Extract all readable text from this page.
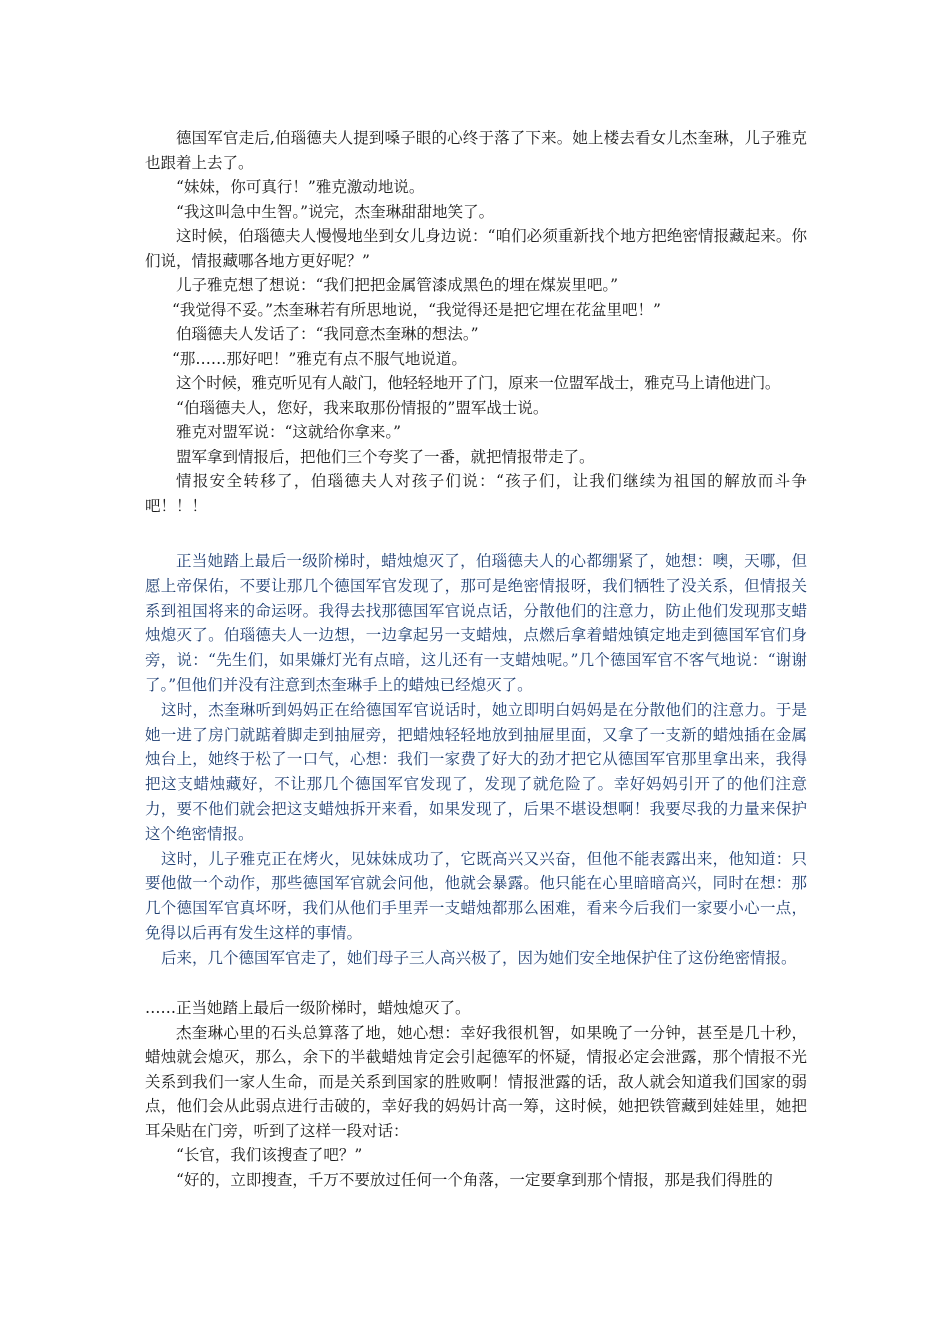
德国军官走后,伯瑙德夫人提到嗓子眼的心终于落了下来。她上楼去看女儿杰奎琳，儿子雅克也跟着上去了。

“妹妹，你可真行！”雅克激动地说。

“我这叫急中生智。”说完，杰奎琳甜甜地笑了。

这时候，伯瑙德夫人慢慢地坐到女儿身边说：“咱们必须重新找个地方把绝密情报藏起来。你们说，情报藏哪各地方更好呢？”

儿子雅克想了想说：“我们把把金属管漆成黑色的埋在煤炭里吧。”

“我觉得不妥。”杰奎琳若有所思地说，“我觉得还是把它埋在花盆里吧！”

伯瑙德夫人发话了：“我同意杰奎琳的想法。”

“那……那好吧！”雅克有点不服气地说道。

这个时候，雅克听见有人敲门，他轻轻地开了门，原来一位盟军战士，雅克马上请他进门。

“伯瑙德夫人，您好，我来取那份情报的”盟军战士说。

雅克对盟军说：“这就给你拿来。”

盟军拿到情报后，把他们三个夸奖了一番，就把情报带走了。

情报安全转移了，伯瑙德夫人对孩子们说：“孩子们，让我们继续为祖国的解放而斗争吧！！！

正当她踏上最后一级阶梯时，蜡烛熄灭了，伯瑙德夫人的心都绷紧了，她想：噢，天哪，但愿上帝保佑，不要让那几个德国军官发现了，那可是绝密情报呀，我们牺牲了没关系，但情报关系到祖国将来的命运呀。我得去找那德国军官说点话，分散他们的注意力，防止他们发现那支蜡烛熄灭了。伯瑙德夫人一边想，一边拿起另一支蜡烛，点燃后拿着蜡烛镇定地走到德国军官们身旁，说：“先生们，如果嫌灯光有点暗，这儿还有一支蜡烛呢。”几个德国军官不客气地说：“谢谢了。”但他们并没有注意到杰奎琳手上的蜡烛已经熄灭了。

这时，杰奎琳听到妈妈正在给德国军官说话时，她立即明白妈妈是在分散他们的注意力。于是她一进了房门就踮着脚走到抽屉旁，把蜡烛轻轻地放到抽屉里面，又拿了一支新的蜡烛插在金属烛台上，她终于松了一口气，心想：我们一家费了好大的劲才把它从德国军官那里拿出来，我得把这支蜡烛藏好，不让那几个德国军官发现了，发现了就危险了。幸好妈妈引开了的他们注意力，要不他们就会把这支蜡烛拆开来看，如果发现了，后果不堪设想啊！我要尽我的力量来保护这个绝密情报。

这时，儿子雅克正在烤火，见妹妹成功了，它既高兴又兴奋，但他不能表露出来，他知道：只要他做一个动作，那些德国军官就会问他，他就会暴露。他只能在心里暗暗高兴，同时在想：那几个德国军官真坏呀，我们从他们手里弄一支蜡烛都那么困难，看来今后我们一家要小心一点，免得以后再有发生这样的事情。

后来，几个德国军官走了，她们母子三人高兴极了，因为她们安全地保护住了这份绝密情报。

……正当她踏上最后一级阶梯时，蜡烛熄灭了。

杰奎琳心里的石头总算落了地，她心想：幸好我很机智，如果晚了一分钟，甚至是几十秒，蜡烛就会熄灭，那么，余下的半截蜡烛肯定会引起德军的怀疑，情报必定会泄露，那个情报不光关系到我们一家人生命，而是关系到国家的胜败啊！情报泄露的话，敌人就会知道我们国家的弱点，他们会从此弱点进行击破的，幸好我的妈妈计高一筹，这时候，她把铁管藏到娃娃里，她把耳朵贴在门旁，听到了这样一段对话：

“长官，我们该搜查了吧？”

“好的，立即搜查，千万不要放过任何一个角落，一定要拿到那个情报，那是我们得胜的
